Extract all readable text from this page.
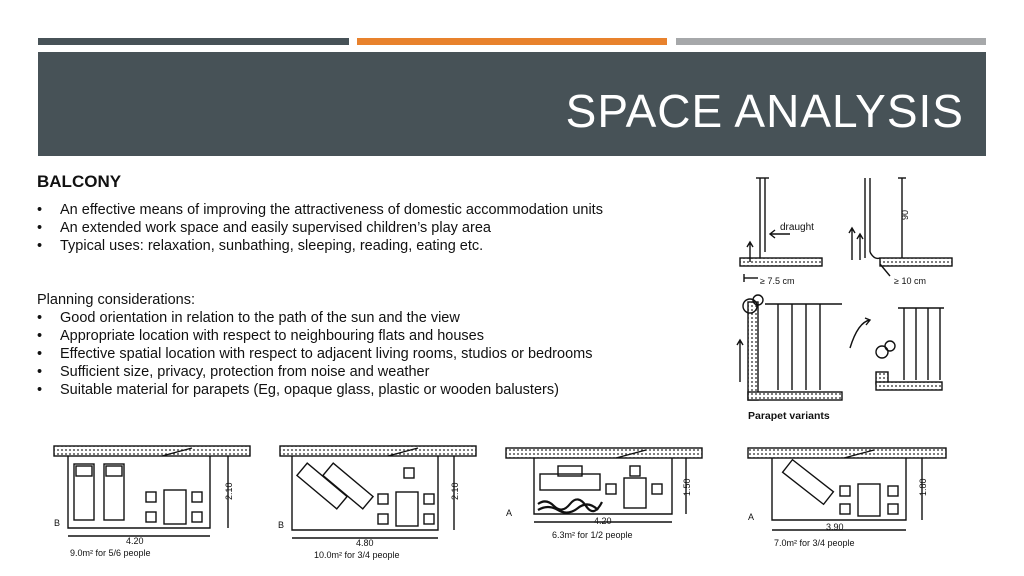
SPACE ANALYSIS
BALCONY
• An effective means of improving the attractiveness of domestic accommodation units
• An extended work space and easily supervised children’s play area
• Typical uses: relaxation, sunbathing, sleeping, reading, eating etc.

Planning considerations:

• Good orientation in relation to the path of the sun and the view
• Appropriate location with respect to neighbouring flats and houses
• Effective spatial location with respect to adjacent living rooms, studios or bedrooms
• Sufficient size, privacy, protection from noise and weather
• Suitable material for parapets (Eg, opaque glass, plastic or wooden balusters)
draught
≥ 7.5 cm
90
≥ 10 cm
Parapet variants
2.10
B
4.20
9.0m² for 5/6 people
2.10
B
4.80
10.0m² for 3/4 people
1.50
A
4.20
6.3m² for 1/2 people
1.80
A
3.90
7.0m² for 3/4 people
